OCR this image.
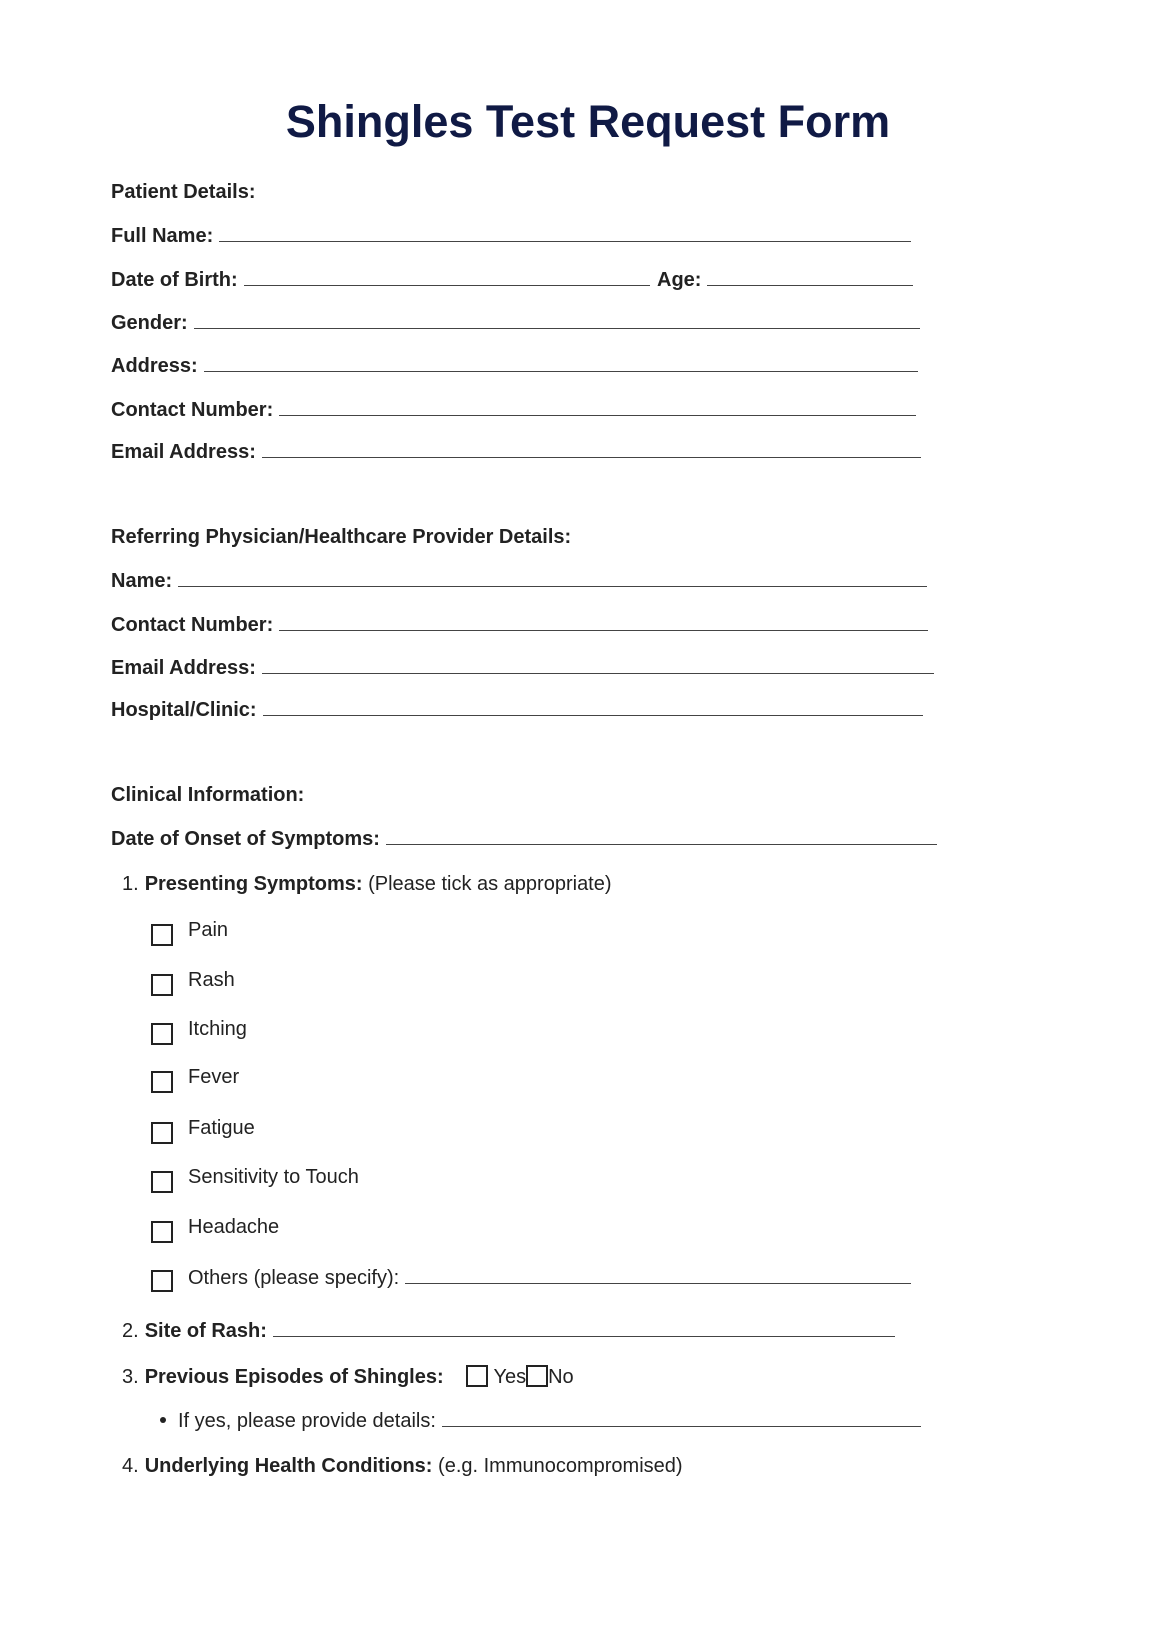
Shingles Test Request Form
Patient Details:
Full Name:
Date of Birth:	Age:
Gender:
Address:
Contact Number:
Email Address:
Referring Physician/Healthcare Provider Details:
Name:
Contact Number:
Email Address:
Hospital/Clinic:
Clinical Information:
Date of Onset of Symptoms:
1. Presenting Symptoms:
(Please tick as appropriate)
Pain
Rash
Itching
Fever
Fatigue
Sensitivity to Touch
Headache
Others (please specify):
2. Site of Rash:
3. Previous Episodes of Shingles:

Yes No
If yes, please provide details:
4. Underlying Health Conditions:
(e.g. Immunocompromised)
